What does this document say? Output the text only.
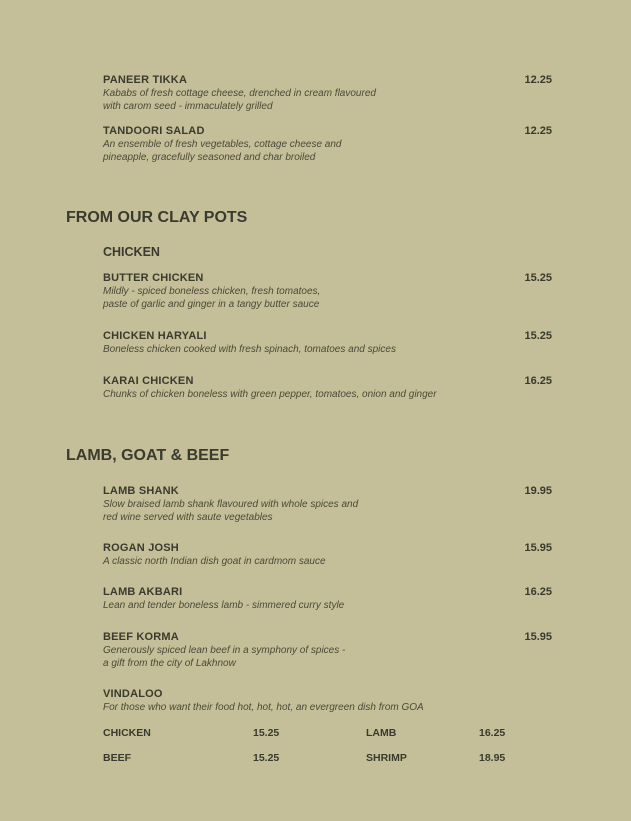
PANEER TIKKA
Kababs of fresh cottage cheese, drenched in cream flavoured
with carom seed - immaculately grilled
12.25
TANDOORI SALAD
An ensemble of fresh vegetables, cottage cheese and
pineapple, gracefully seasoned and char broiled
12.25
FROM OUR CLAY POTS
CHICKEN
BUTTER CHICKEN
Mildly - spiced boneless chicken, fresh tomatoes,
paste of garlic and ginger in a tangy butter sauce
15.25
CHICKEN HARYALI
Boneless chicken cooked with fresh spinach, tomatoes and spices
15.25
KARAI CHICKEN
Chunks of chicken boneless with green pepper, tomatoes, onion and ginger
16.25
LAMB, GOAT & BEEF
LAMB SHANK
Slow braised lamb shank flavoured with whole spices and
red wine served with saute vegetables
19.95
ROGAN JOSH
A classic north Indian dish goat in cardmom sauce
15.95
LAMB AKBARI
Lean and tender boneless lamb - simmered curry style
16.25
BEEF KORMA
Generously spiced lean beef in a symphony of spices -
a gift from the city of Lakhnow
15.95
VINDALOO
For those who want their food hot, hot, hot, an evergreen dish from GOA
CHICKEN	15.25	LAMB	16.25
BEEF	15.25	SHRIMP	18.95
